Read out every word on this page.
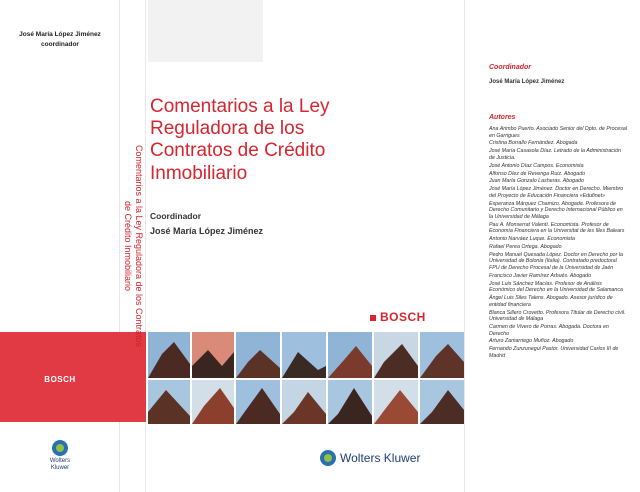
José María López Jiménez
coordinador
BOSCH
Wolters
Kluwer
Comentarios a la Ley Reguladora de los Contratos
de Crédito Inmobiliario
Comentarios a la Ley
Reguladora de los
Contratos de Crédito
Inmobiliario
Coordinador
José María López Jiménez
BOSCH
Wolters Kluwer
Coordinador
José María López Jiménez
Autores
Ana Arimbo Puerto. Asociado Senior del Dpto. de Procesal en Garrigues
Cristina Borrallo Fernández. Abogada
José María Casasola Díaz. Letrado de la Administración de Justicia.
José Antonio Díaz Campos. Economista
Alfonso Díez de Revenga Ruiz. Abogado
Juan María Gonzalo Lasheras. Abogado
José María López Jiménez. Doctor en Derecho. Miembro del Proyecto de Educación Financiera «Edufinet»
Esperanza Márquez Chamizo. Abogada. Profesora de Derecho Comunitario y Derecho Internacional Público en la Universidad de Málaga
Pau A. Monserrat Valentí. Economista. Profesor de Economía Financiera en la Universitat de les Illes Balears
Antonio Narváez Luque. Economista
Rafael Perea Ortega. Abogado
Pedro Manuel Quesada López. Doctor en Derecho por la Universidad de Bolonia (Italia). Contratado predoctoral FPU de Derecho Procesal de la Universidad de Jaén
Francisco Javier Ramírez Arbués. Abogado
José Luis Sánchez Macías. Profesor de Análisis Económico del Derecho en la Universidad de Salamanca
Ángel Luis Siles Talens. Abogado. Asesor jurídico de entidad financiera
Blanca Sillero Crovetto. Profesora Titular de Derecho civil. Universidad de Málaga
Carmen de Vivero de Porras. Abogada. Doctora en Derecho
Arturo Zamarriego Muñoz. Abogado
Fernando Zunzunegui Pastor. Universidad Carlos III de Madrid
